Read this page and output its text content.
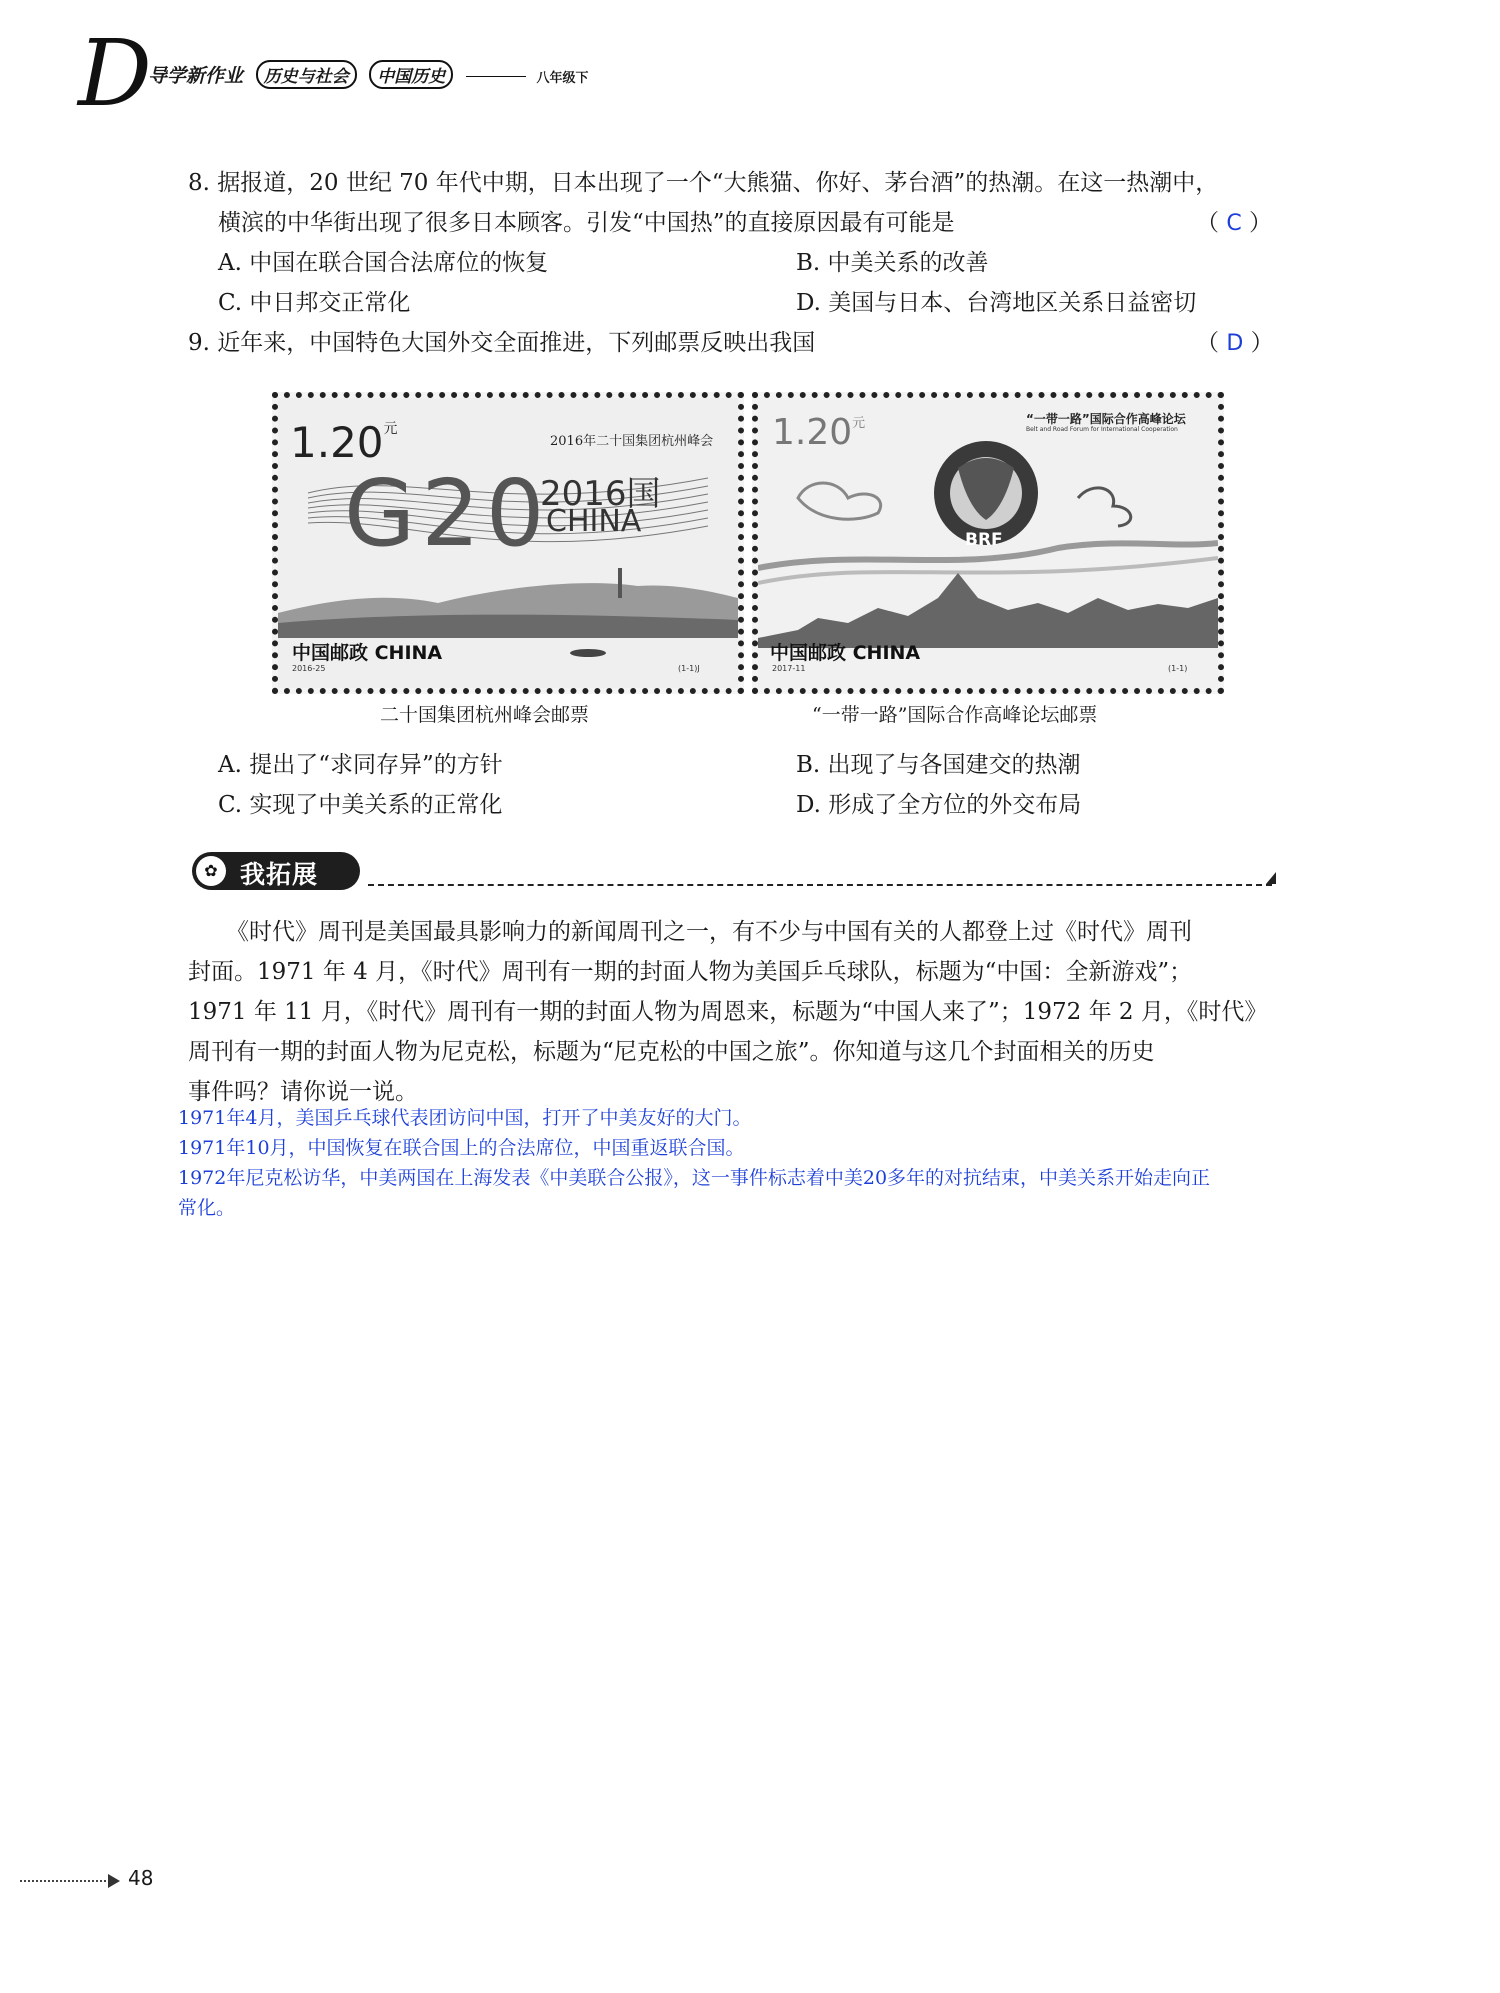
D
导学新作业 历史与社会 中国历史	八年级下
8. 据报道，20 世纪 70 年代中期，日本出现了一个“大熊猫、你好、茅台酒”的热潮。在这一热潮中，
横滨的中华街出现了很多日本顾客。引发“中国热”的直接原因最有可能是	（ C ）
A. 中国在联合国合法席位的恢复	B. 中美关系的改善
C. 中日邦交正常化	D. 美国与日本、台湾地区关系日益密切
9. 近年来，中国特色大国外交全面推进，下列邮票反映出我国	（ D ）
$1.20^元$
2016年二十国集团杭州峰会
G20
2016国
CHINA
中国邮政 CHINA
2016-25	(1-1)J
$1.20^元$	“一带一路”国际合作高峰论坛
Belt and Road Forum for International Cooperation
BRF
中国邮政 CHINA
2017-11	(1-1)
二十国集团杭州峰会邮票	“一带一路”国际合作高峰论坛邮票
A. 提出了“求同存异”的方针	B. 出现了与各国建交的热潮
C. 实现了中美关系的正常化	D. 形成了全方位的外交布局
✿ 我拓展
《时代》周刊是美国最具影响力的新闻周刊之一，有不少与中国有关的人都登上过《时代》周刊
封面。1971 年 4 月，《时代》周刊有一期的封面人物为美国乒乓球队，标题为“中国：全新游戏”；
1971 年 11 月，《时代》周刊有一期的封面人物为周恩来，标题为“中国人来了”；1972 年 2 月，《时代》
周刊有一期的封面人物为尼克松，标题为“尼克松的中国之旅”。你知道与这几个封面相关的历史
事件吗？请你说一说。
1971年4月，美国乒乓球代表团访问中国，打开了中美友好的大门。
1971年10月，中国恢复在联合国上的合法席位，中国重返联合国。
1972年尼克松访华，中美两国在上海发表《中美联合公报》，这一事件标志着中美20多年的对抗结束，中美关系开始走向正
常化。
48
